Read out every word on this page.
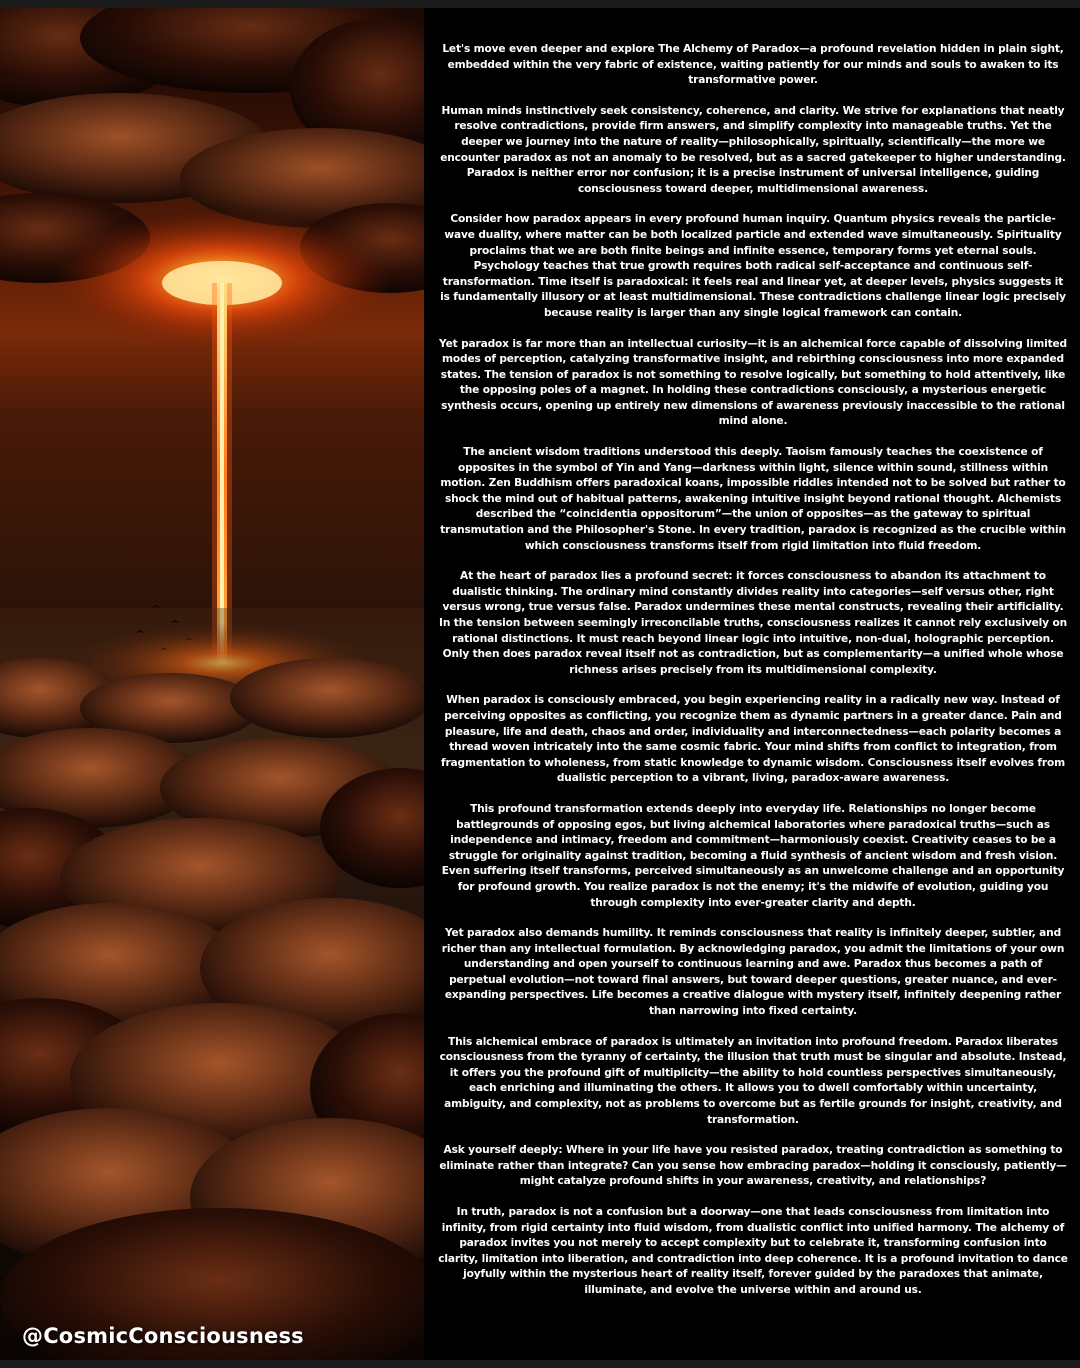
@CosmicConsciousness

Let's move even deeper and explore The Alchemy of Paradox—a profound revelation hidden in plain sight, embedded within the very fabric of existence, waiting patiently for our minds and souls to awaken to its transformative power.

Human minds instinctively seek consistency, coherence, and clarity. We strive for explanations that neatly resolve contradictions, provide firm answers, and simplify complexity into manageable truths. Yet the deeper we journey into the nature of reality—philosophically, spiritually, scientifically—the more we encounter paradox as not an anomaly to be resolved, but as a sacred gatekeeper to higher understanding. Paradox is neither error nor confusion; it is a precise instrument of universal intelligence, guiding consciousness toward deeper, multidimensional awareness.

Consider how paradox appears in every profound human inquiry. Quantum physics reveals the particle-wave duality, where matter can be both localized particle and extended wave simultaneously. Spirituality proclaims that we are both finite beings and infinite essence, temporary forms yet eternal souls. Psychology teaches that true growth requires both radical self-acceptance and continuous self-transformation. Time itself is paradoxical: it feels real and linear yet, at deeper levels, physics suggests it is fundamentally illusory or at least multidimensional. These contradictions challenge linear logic precisely because reality is larger than any single logical framework can contain.

Yet paradox is far more than an intellectual curiosity—it is an alchemical force capable of dissolving limited modes of perception, catalyzing transformative insight, and rebirthing consciousness into more expanded states. The tension of paradox is not something to resolve logically, but something to hold attentively, like the opposing poles of a magnet. In holding these contradictions consciously, a mysterious energetic synthesis occurs, opening up entirely new dimensions of awareness previously inaccessible to the rational mind alone.

The ancient wisdom traditions understood this deeply. Taoism famously teaches the coexistence of opposites in the symbol of Yin and Yang—darkness within light, silence within sound, stillness within motion. Zen Buddhism offers paradoxical koans, impossible riddles intended not to be solved but rather to shock the mind out of habitual patterns, awakening intuitive insight beyond rational thought. Alchemists described the “coincidentia oppositorum”—the union of opposites—as the gateway to spiritual transmutation and the Philosopher's Stone. In every tradition, paradox is recognized as the crucible within which consciousness transforms itself from rigid limitation into fluid freedom.

At the heart of paradox lies a profound secret: it forces consciousness to abandon its attachment to dualistic thinking. The ordinary mind constantly divides reality into categories—self versus other, right versus wrong, true versus false. Paradox undermines these mental constructs, revealing their artificiality. In the tension between seemingly irreconcilable truths, consciousness realizes it cannot rely exclusively on rational distinctions. It must reach beyond linear logic into intuitive, non-dual, holographic perception. Only then does paradox reveal itself not as contradiction, but as complementarity—a unified whole whose richness arises precisely from its multidimensional complexity.

When paradox is consciously embraced, you begin experiencing reality in a radically new way. Instead of perceiving opposites as conflicting, you recognize them as dynamic partners in a greater dance. Pain and pleasure, life and death, chaos and order, individuality and interconnectedness—each polarity becomes a thread woven intricately into the same cosmic fabric. Your mind shifts from conflict to integration, from fragmentation to wholeness, from static knowledge to dynamic wisdom. Consciousness itself evolves from dualistic perception to a vibrant, living, paradox-aware awareness.

This profound transformation extends deeply into everyday life. Relationships no longer become battlegrounds of opposing egos, but living alchemical laboratories where paradoxical truths—such as independence and intimacy, freedom and commitment—harmoniously coexist. Creativity ceases to be a struggle for originality against tradition, becoming a fluid synthesis of ancient wisdom and fresh vision. Even suffering itself transforms, perceived simultaneously as an unwelcome challenge and an opportunity for profound growth. You realize paradox is not the enemy; it's the midwife of evolution, guiding you through complexity into ever-greater clarity and depth.

Yet paradox also demands humility. It reminds consciousness that reality is infinitely deeper, subtler, and richer than any intellectual formulation. By acknowledging paradox, you admit the limitations of your own understanding and open yourself to continuous learning and awe. Paradox thus becomes a path of perpetual evolution—not toward final answers, but toward deeper questions, greater nuance, and ever-expanding perspectives. Life becomes a creative dialogue with mystery itself, infinitely deepening rather than narrowing into fixed certainty.

This alchemical embrace of paradox is ultimately an invitation into profound freedom. Paradox liberates consciousness from the tyranny of certainty, the illusion that truth must be singular and absolute. Instead, it offers you the profound gift of multiplicity—the ability to hold countless perspectives simultaneously, each enriching and illuminating the others. It allows you to dwell comfortably within uncertainty, ambiguity, and complexity, not as problems to overcome but as fertile grounds for insight, creativity, and transformation.

Ask yourself deeply: Where in your life have you resisted paradox, treating contradiction as something to eliminate rather than integrate? Can you sense how embracing paradox—holding it consciously, patiently—might catalyze profound shifts in your awareness, creativity, and relationships?

In truth, paradox is not a confusion but a doorway—one that leads consciousness from limitation into infinity, from rigid certainty into fluid wisdom, from dualistic conflict into unified harmony. The alchemy of paradox invites you not merely to accept complexity but to celebrate it, transforming confusion into clarity, limitation into liberation, and contradiction into deep coherence. It is a profound invitation to dance joyfully within the mysterious heart of reality itself, forever guided by the paradoxes that animate, illuminate, and evolve the universe within and around us.
